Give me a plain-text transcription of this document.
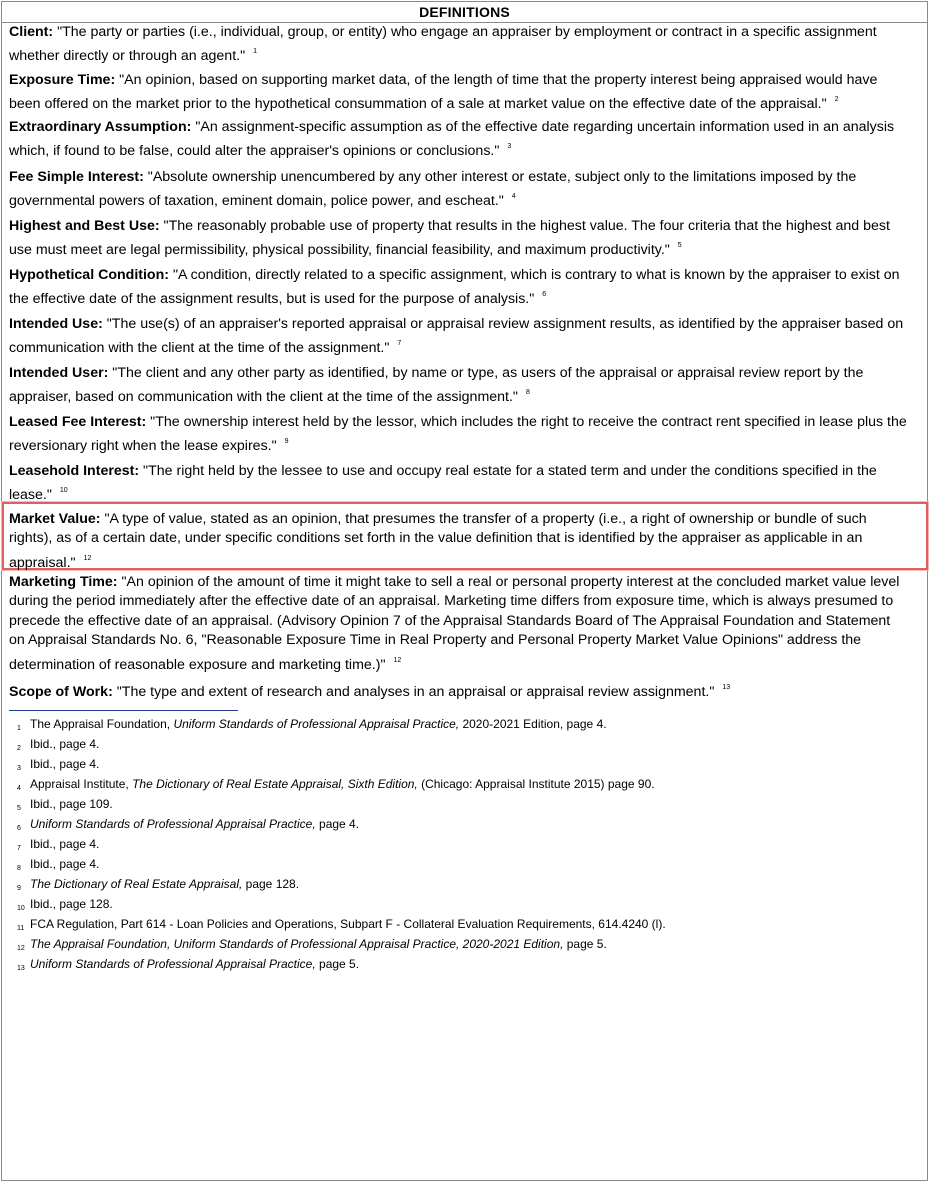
DEFINITIONS
Client: "The party or parties (i.e., individual, group, or entity) who engage an appraiser by employment or contract in a specific assignment whether directly or through an agent." $^1$
Exposure Time: "An opinion, based on supporting market data, of the length of time that the property interest being appraised would have been offered on the market prior to the hypothetical consummation of a sale at market value on the effective date of the appraisal." $^2$
Extraordinary Assumption: "An assignment-specific assumption as of the effective date regarding uncertain information used in an analysis which, if found to be false, could alter the appraiser's opinions or conclusions." $^3$
Fee Simple Interest: "Absolute ownership unencumbered by any other interest or estate, subject only to the limitations imposed by the governmental powers of taxation, eminent domain, police power, and escheat." $^4$
Highest and Best Use: "The reasonably probable use of property that results in the highest value. The four criteria that the highest and best use must meet are legal permissibility, physical possibility, financial feasibility, and maximum productivity." $^5$
Hypothetical Condition: "A condition, directly related to a specific assignment, which is contrary to what is known by the appraiser to exist on the effective date of the assignment results, but is used for the purpose of analysis." $^6$
Intended Use: "The use(s) of an appraiser's reported appraisal or appraisal review assignment results, as identified by the appraiser based on communication with the client at the time of the assignment." $^7$
Intended User: "The client and any other party as identified, by name or type, as users of the appraisal or appraisal review report by the appraiser, based on communication with the client at the time of the assignment." $^8$
Leased Fee Interest: "The ownership interest held by the lessor, which includes the right to receive the contract rent specified in lease plus the reversionary right when the lease expires." $^9$
Leasehold Interest: "The right held by the lessee to use and occupy real estate for a stated term and under the conditions specified in the lease." $^{10}$
Market Value: "A type of value, stated as an opinion, that presumes the transfer of a property (i.e., a right of ownership or bundle of such rights), as of a certain date, under specific conditions set forth in the value definition that is identified by the appraiser as applicable in an appraisal." $^{12}$
Marketing Time: "An opinion of the amount of time it might take to sell a real or personal property interest at the concluded market value level during the period immediately after the effective date of an appraisal. Marketing time differs from exposure time, which is always presumed to precede the effective date of an appraisal. (Advisory Opinion 7 of the Appraisal Standards Board of The Appraisal Foundation and Statement on Appraisal Standards No. 6, "Reasonable Exposure Time in Real Property and Personal Property Market Value Opinions" address the determination of reasonable exposure and marketing time.)" $^{12}$
Scope of Work: "The type and extent of research and analyses in an appraisal or appraisal review assignment." $^{13}$
1 The Appraisal Foundation, Uniform Standards of Professional Appraisal Practice, 2020-2021 Edition, page 4.
2 Ibid., page 4.
3 Ibid., page 4.
4 Appraisal Institute, The Dictionary of Real Estate Appraisal, Sixth Edition, (Chicago: Appraisal Institute 2015) page 90.
5 Ibid., page 109.
6 Uniform Standards of Professional Appraisal Practice, page 4.
7 Ibid., page 4.
8 Ibid., page 4.
9 The Dictionary of Real Estate Appraisal, page 128.
10 Ibid., page 128.
11 FCA Regulation, Part 614 - Loan Policies and Operations, Subpart F - Collateral Evaluation Requirements, 614.4240 (l).
12 The Appraisal Foundation, Uniform Standards of Professional Appraisal Practice, 2020-2021 Edition, page 5.
13 Uniform Standards of Professional Appraisal Practice, page 5.
